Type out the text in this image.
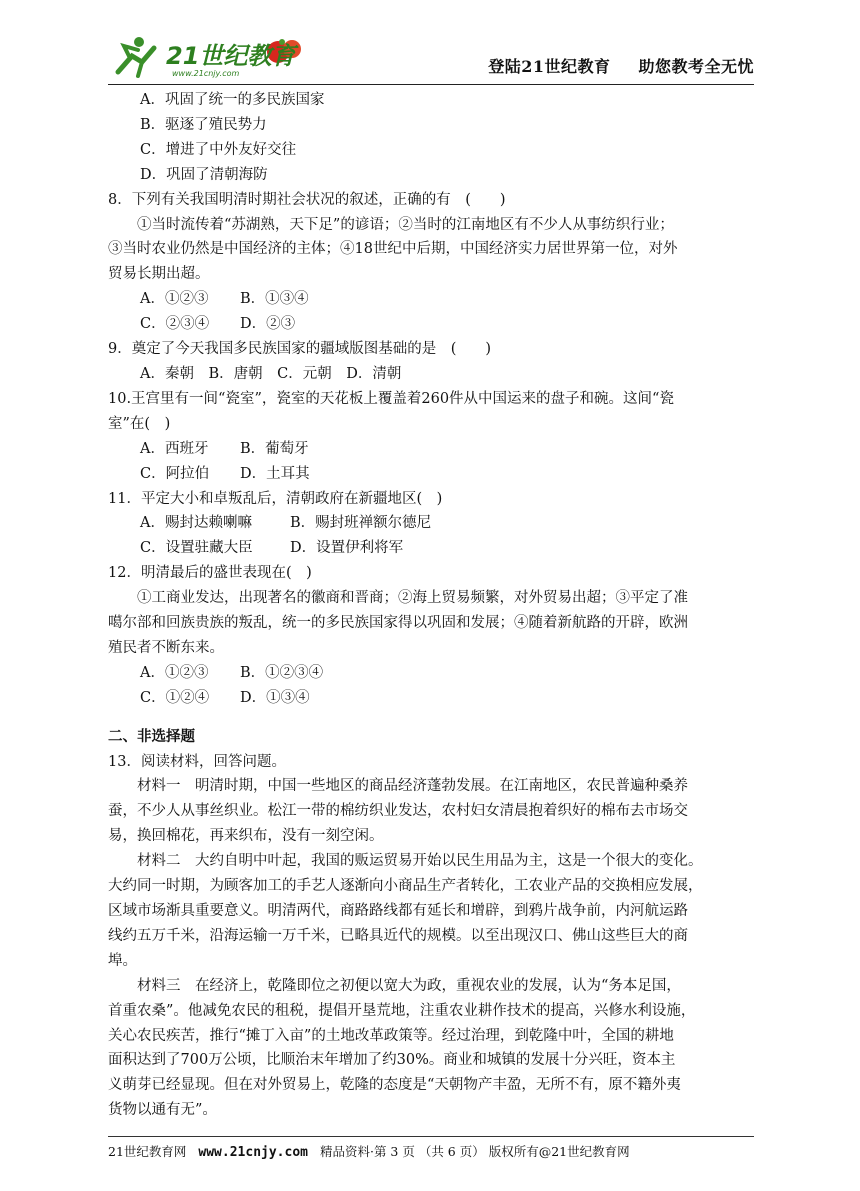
21世纪教育
www.21cnjy.com	登陆21世纪教育 助您教考全无忧
A．巩固了统一的多民族国家
B．驱逐了殖民势力
C．增进了中外友好交往
D．巩固了清朝海防
8．下列有关我国明清时期社会状况的叙述，正确的有　(　　)
①当时流传着“苏湖熟，天下足”的谚语；②当时的江南地区有不少人从事纺织行业；
③当时农业仍然是中国经济的主体；④18世纪中后期，中国经济实力居世界第一位，对外
贸易长期出超。
A．①②③ B．①③④
C．②③④ D．②③
9．奠定了今天我国多民族国家的疆域版图基础的是　(　　)
A．秦朝　B．唐朝　C．元朝　D．清朝
10.王宫里有一间“瓷室”，瓷室的天花板上覆盖着260件从中国运来的盘子和碗。这间“瓷
室”在(　)
A．西班牙 B．葡萄牙
C．阿拉伯 D．土耳其
11．平定大小和卓叛乱后，清朝政府在新疆地区(　)
A．赐封达赖喇嘛	B．赐封班禅额尔德尼
C．设置驻藏大臣	D．设置伊利将军
12．明清最后的盛世表现在(　)
①工商业发达，出现著名的徽商和晋商；②海上贸易频繁，对外贸易出超；③平定了准
噶尔部和回族贵族的叛乱，统一的多民族国家得以巩固和发展；④随着新航路的开辟，欧洲
殖民者不断东来。
A．①②③ B．①②③④
C．①②④ D．①③④
二、非选择题
13．阅读材料，回答问题。
材料一　明清时期，中国一些地区的商品经济蓬勃发展。在江南地区，农民普遍种桑养
蚕，不少人从事丝织业。松江一带的棉纺织业发达，农村妇女清晨抱着织好的棉布去市场交
易，换回棉花，再来织布，没有一刻空闲。
材料二　大约自明中叶起，我国的贩运贸易开始以民生用品为主，这是一个很大的变化。
大约同一时期，为顾客加工的手艺人逐渐向小商品生产者转化，工农业产品的交换相应发展，
区域市场渐具重要意义。明清两代，商路路线都有延长和增辟，到鸦片战争前，内河航运路
线约五万千米，沿海运输一万千米，已略具近代的规模。以至出现汉口、佛山这些巨大的商
埠。
材料三　在经济上，乾隆即位之初便以宽大为政，重视农业的发展，认为“务本足国，
首重农桑”。他减免农民的租税，提倡开垦荒地，注重农业耕作技术的提高，兴修水利设施，
关心农民疾苦，推行“摊丁入亩”的土地改革政策等。经过治理，到乾隆中叶，全国的耕地
面积达到了700万公顷，比顺治末年增加了约30%。商业和城镇的发展十分兴旺，资本主
义萌芽已经显现。但在对外贸易上，乾隆的态度是“天朝物产丰盈，无所不有，原不籍外夷
货物以通有无”。
21世纪教育网 www.21cnjy.com 精品资料·第 3 页 （共 6 页） 版权所有@21世纪教育网
